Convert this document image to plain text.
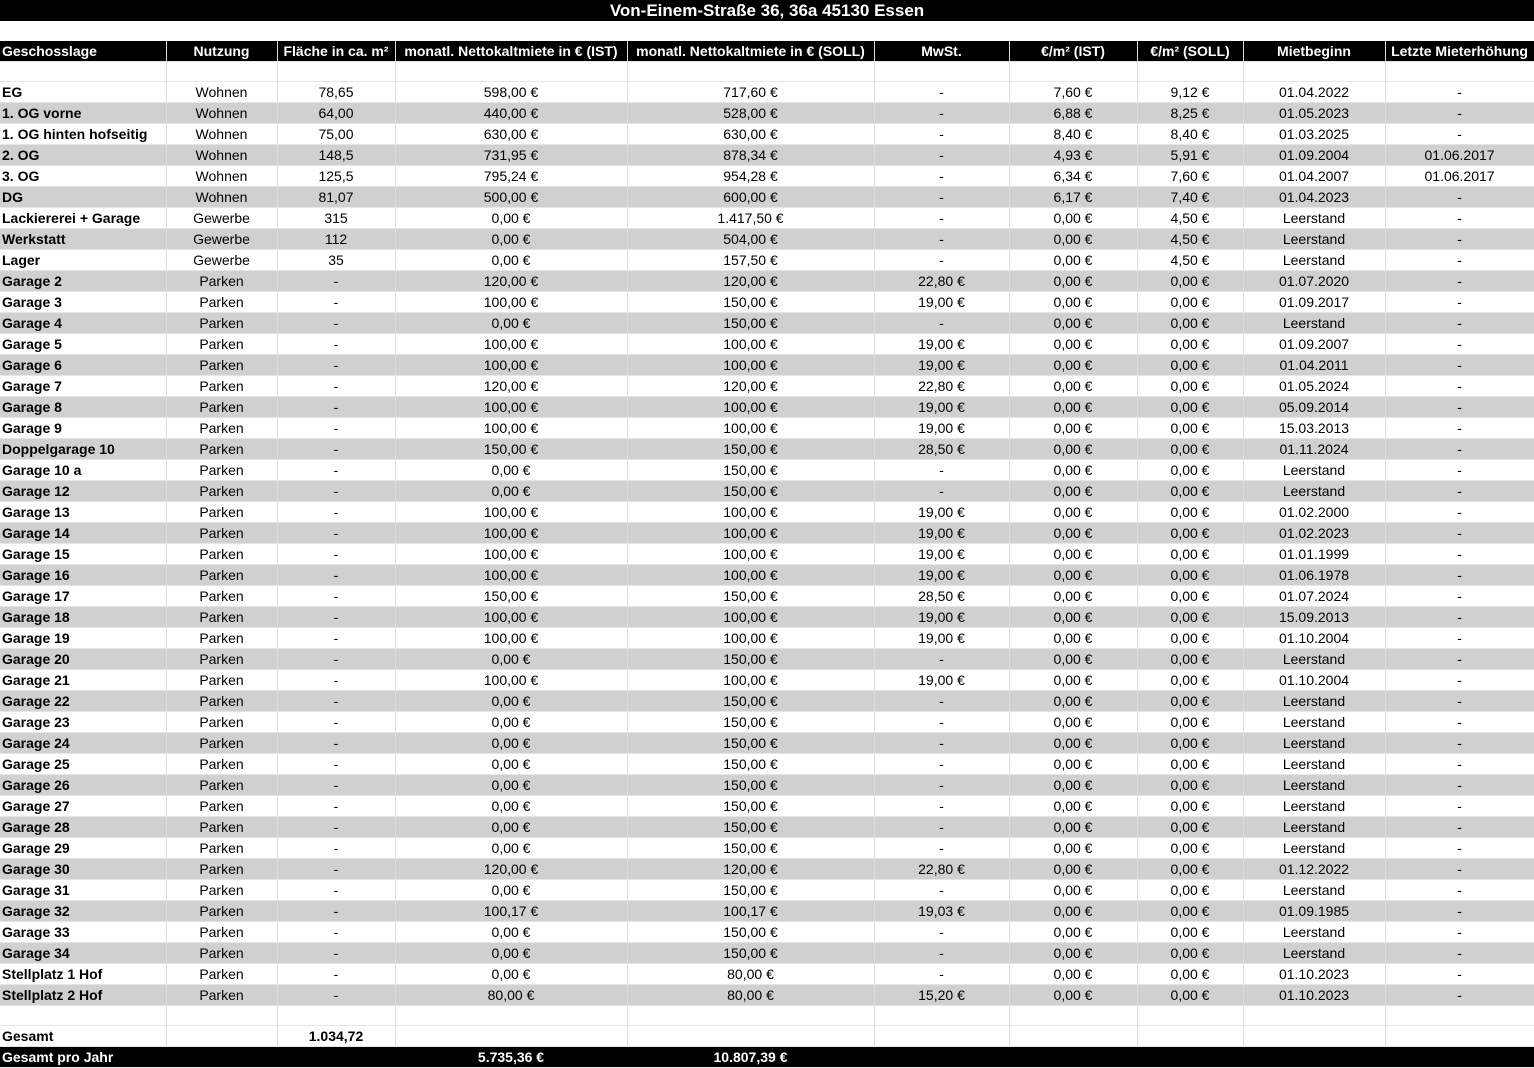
Von-Einem-Straße 36, 36a 45130 Essen

Geschosslage	Nutzung	Fläche in ca. m²	monatl. Nettokaltmiete in € (IST)	monatl. Nettokaltmiete in € (SOLL)	MwSt.	€/m² (IST)	€/m² (SOLL)	Mietbeginn	Letzte Mieterhöhung

EG	Wohnen	78,65	598,00 €	717,60 €	-	7,60 €	9,12 €	01.04.2022	-
1. OG vorne	Wohnen	64,00	440,00 €	528,00 €	-	6,88 €	8,25 €	01.05.2023	-
1. OG hinten hofseitig	Wohnen	75,00	630,00 €	630,00 €	-	8,40 €	8,40 €	01.03.2025	-
2. OG	Wohnen	148,5	731,95 €	878,34 €	-	4,93 €	5,91 €	01.09.2004	01.06.2017
3. OG	Wohnen	125,5	795,24 €	954,28 €	-	6,34 €	7,60 €	01.04.2007	01.06.2017
DG	Wohnen	81,07	500,00 €	600,00 €	-	6,17 €	7,40 €	01.04.2023	-
Lackiererei + Garage	Gewerbe	315	0,00 €	1.417,50 €	-	0,00 €	4,50 €	Leerstand	-
Werkstatt	Gewerbe	112	0,00 €	504,00 €	-	0,00 €	4,50 €	Leerstand	-
Lager	Gewerbe	35	0,00 €	157,50 €	-	0,00 €	4,50 €	Leerstand	-
Garage 2	Parken	-	120,00 €	120,00 €	22,80 €	0,00 €	0,00 €	01.07.2020	-
Garage 3	Parken	-	100,00 €	150,00 €	19,00 €	0,00 €	0,00 €	01.09.2017	-
Garage 4	Parken	-	0,00 €	150,00 €	-	0,00 €	0,00 €	Leerstand	-
Garage 5	Parken	-	100,00 €	100,00 €	19,00 €	0,00 €	0,00 €	01.09.2007	-
Garage 6	Parken	-	100,00 €	100,00 €	19,00 €	0,00 €	0,00 €	01.04.2011	-
Garage 7	Parken	-	120,00 €	120,00 €	22,80 €	0,00 €	0,00 €	01.05.2024	-
Garage 8	Parken	-	100,00 €	100,00 €	19,00 €	0,00 €	0,00 €	05.09.2014	-
Garage 9	Parken	-	100,00 €	100,00 €	19,00 €	0,00 €	0,00 €	15.03.2013	-
Doppelgarage 10	Parken	-	150,00 €	150,00 €	28,50 €	0,00 €	0,00 €	01.11.2024	-
Garage 10 a	Parken	-	0,00 €	150,00 €	-	0,00 €	0,00 €	Leerstand	-
Garage 12	Parken	-	0,00 €	150,00 €	-	0,00 €	0,00 €	Leerstand	-
Garage 13	Parken	-	100,00 €	100,00 €	19,00 €	0,00 €	0,00 €	01.02.2000	-
Garage 14	Parken	-	100,00 €	100,00 €	19,00 €	0,00 €	0,00 €	01.02.2023	-
Garage 15	Parken	-	100,00 €	100,00 €	19,00 €	0,00 €	0,00 €	01.01.1999	-
Garage 16	Parken	-	100,00 €	100,00 €	19,00 €	0,00 €	0,00 €	01.06.1978	-
Garage 17	Parken	-	150,00 €	150,00 €	28,50 €	0,00 €	0,00 €	01.07.2024	-
Garage 18	Parken	-	100,00 €	100,00 €	19,00 €	0,00 €	0,00 €	15.09.2013	-
Garage 19	Parken	-	100,00 €	100,00 €	19,00 €	0,00 €	0,00 €	01.10.2004	-
Garage 20	Parken	-	0,00 €	150,00 €	-	0,00 €	0,00 €	Leerstand	-
Garage 21	Parken	-	100,00 €	100,00 €	19,00 €	0,00 €	0,00 €	01.10.2004	-
Garage 22	Parken	-	0,00 €	150,00 €	-	0,00 €	0,00 €	Leerstand	-
Garage 23	Parken	-	0,00 €	150,00 €	-	0,00 €	0,00 €	Leerstand	-
Garage 24	Parken	-	0,00 €	150,00 €	-	0,00 €	0,00 €	Leerstand	-
Garage 25	Parken	-	0,00 €	150,00 €	-	0,00 €	0,00 €	Leerstand	-
Garage 26	Parken	-	0,00 €	150,00 €	-	0,00 €	0,00 €	Leerstand	-
Garage 27	Parken	-	0,00 €	150,00 €	-	0,00 €	0,00 €	Leerstand	-
Garage 28	Parken	-	0,00 €	150,00 €	-	0,00 €	0,00 €	Leerstand	-
Garage 29	Parken	-	0,00 €	150,00 €	-	0,00 €	0,00 €	Leerstand	-
Garage 30	Parken	-	120,00 €	120,00 €	22,80 €	0,00 €	0,00 €	01.12.2022	-
Garage 31	Parken	-	0,00 €	150,00 €	-	0,00 €	0,00 €	Leerstand	-
Garage 32	Parken	-	100,17 €	100,17 €	19,03 €	0,00 €	0,00 €	01.09.1985	-
Garage 33	Parken	-	0,00 €	150,00 €	-	0,00 €	0,00 €	Leerstand	-
Garage 34	Parken	-	0,00 €	150,00 €	-	0,00 €	0,00 €	Leerstand	-
Stellplatz 1 Hof	Parken	-	0,00 €	80,00 €	-	0,00 €	0,00 €	01.10.2023	-
Stellplatz 2 Hof	Parken	-	80,00 €	80,00 €	15,20 €	0,00 €	0,00 €	01.10.2023	-

Gesamt		1.034,72							
Gesamt pro Jahr			5.735,36 €	10.807,39 €					
